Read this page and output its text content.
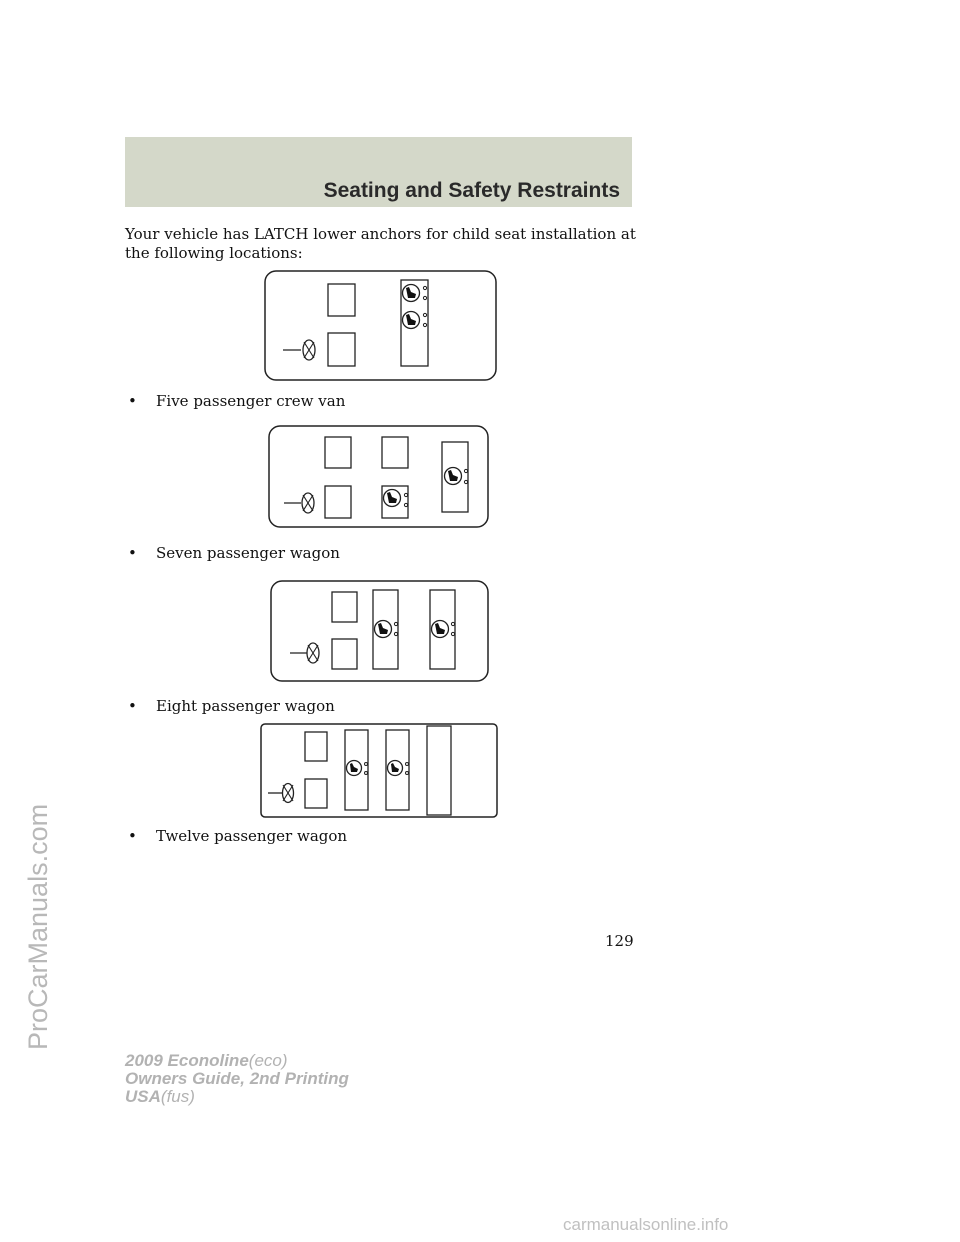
ProCarManuals.com
Seating and Safety Restraints

Your vehicle has LATCH lower anchors for child seat installation at the following locations:

• Five passenger crew van

• Seven passenger wagon

• Eight passenger wagon

• Twelve passenger wagon

129

2009 Econoline(eco)
Owners Guide, 2nd Printing
USA(fus)
carmanualsonline.info
